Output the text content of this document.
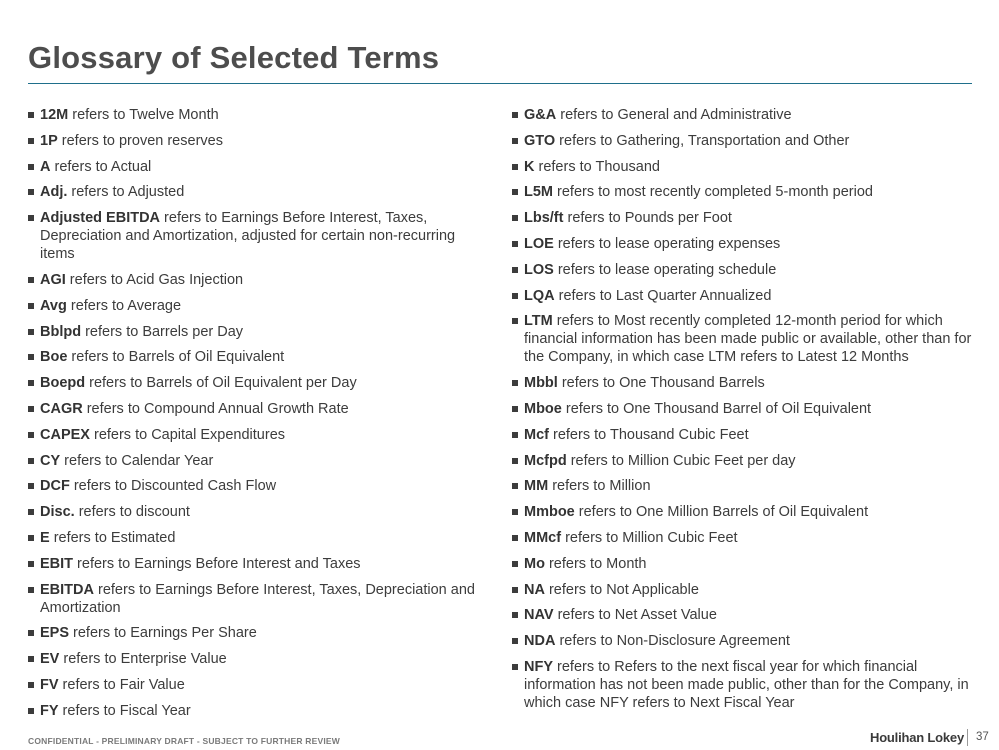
Glossary of Selected Terms
12M refers to Twelve Month
1P refers to proven reserves
A refers to Actual
Adj. refers to Adjusted
Adjusted EBITDA refers to Earnings Before Interest, Taxes, Depreciation and Amortization, adjusted for certain non-recurring items
AGI refers to Acid Gas Injection
Avg refers to Average
Bblpd refers to Barrels per Day
Boe refers to Barrels of Oil Equivalent
Boepd refers to Barrels of Oil Equivalent per Day
CAGR refers to Compound Annual Growth Rate
CAPEX refers to Capital Expenditures
CY refers to Calendar Year
DCF refers to Discounted Cash Flow
Disc. refers to discount
E refers to Estimated
EBIT refers to Earnings Before Interest and Taxes
EBITDA refers to Earnings Before Interest, Taxes, Depreciation and Amortization
EPS refers to Earnings Per Share
EV refers to Enterprise Value
FV refers to Fair Value
FY refers to Fiscal Year
G&A refers to General and Administrative
GTO refers to Gathering, Transportation and Other
K refers to Thousand
L5M refers to most recently completed 5-month period
Lbs/ft refers to Pounds per Foot
LOE refers to lease operating expenses
LOS refers to lease operating schedule
LQA refers to Last Quarter Annualized
LTM refers to Most recently completed 12-month period for which financial information has been made public or available, other than for the Company, in which case LTM refers to Latest 12 Months
Mbbl refers to One Thousand Barrels
Mboe refers to One Thousand Barrel of Oil Equivalent
Mcf refers to Thousand Cubic Feet
Mcfpd refers to Million Cubic Feet per day
MM refers to Million
Mmboe refers to One Million Barrels of Oil Equivalent
MMcf refers to Million Cubic Feet
Mo refers to Month
NA refers to Not Applicable
NAV refers to Net Asset Value
NDA refers to Non-Disclosure Agreement
NFY refers to Refers to the next fiscal year for which financial information has not been made public, other than for the Company, in which case NFY refers to Next Fiscal Year
CONFIDENTIAL - PRELIMINARY DRAFT - SUBJECT TO FURTHER REVIEW	Houlihan Lokey 37
